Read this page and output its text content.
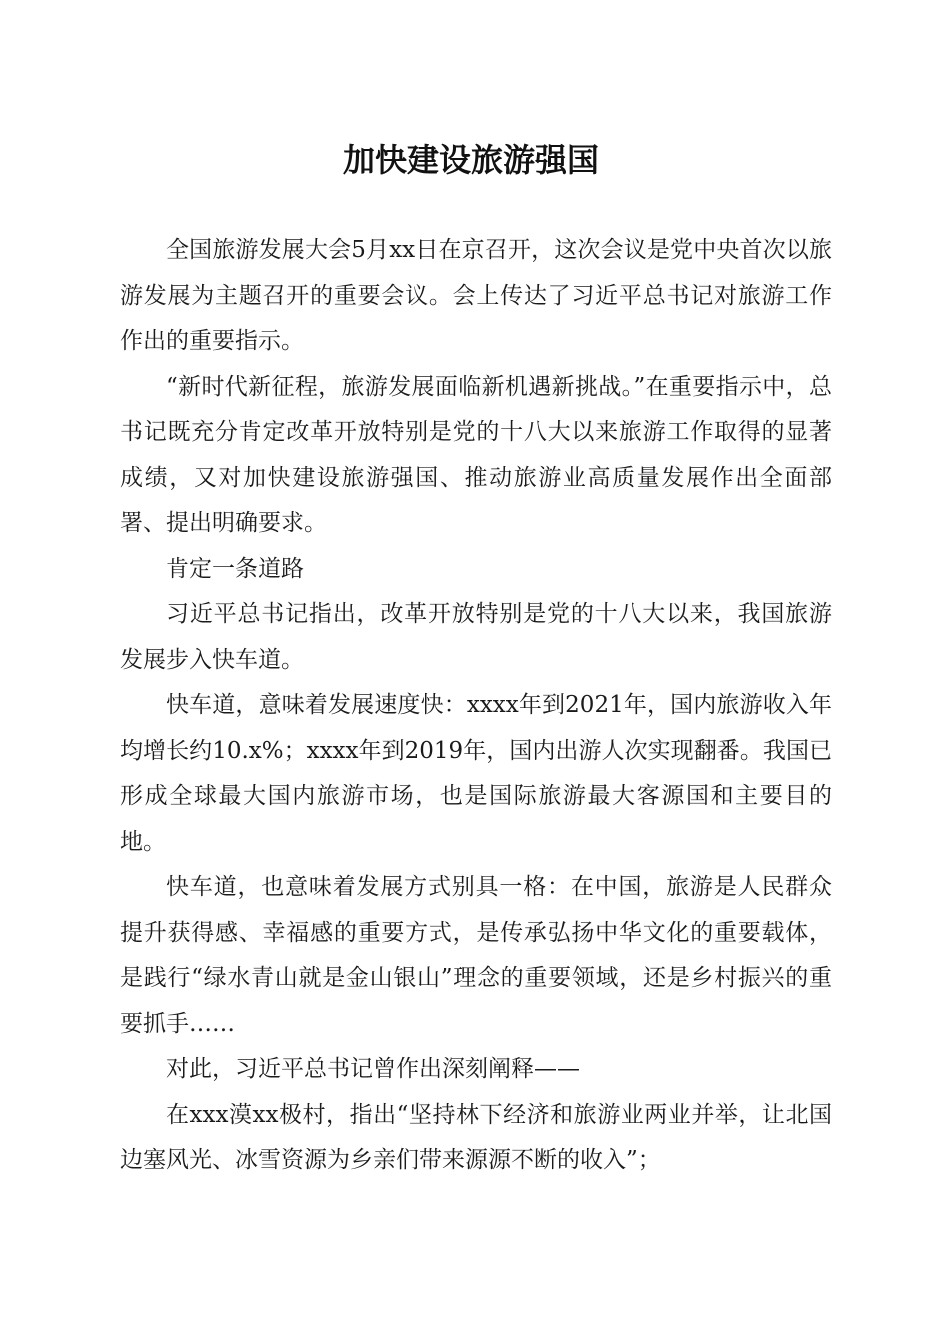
加快建设旅游强国

全国旅游发展大会5月xx日在京召开，这次会议是党中央首次以旅游发展为主题召开的重要会议。会上传达了习近平总书记对旅游工作作出的重要指示。

“新时代新征程，旅游发展面临新机遇新挑战。”在重要指示中，总书记既充分肯定改革开放特别是党的十八大以来旅游工作取得的显著成绩，又对加快建设旅游强国、推动旅游业高质量发展作出全面部署、提出明确要求。

肯定一条道路

习近平总书记指出，改革开放特别是党的十八大以来，我国旅游发展步入快车道。

快车道，意味着发展速度快：xxxx年到2021年，国内旅游收入年均增长约10.x%；xxxx年到2019年，国内出游人次实现翻番。我国已形成全球最大国内旅游市场，也是国际旅游最大客源国和主要目的地。

快车道，也意味着发展方式别具一格：在中国，旅游是人民群众提升获得感、幸福感的重要方式，是传承弘扬中华文化的重要载体，是践行“绿水青山就是金山银山”理念的重要领域，还是乡村振兴的重要抓手……

对此，习近平总书记曾作出深刻阐释——

在xxx漠xx极村，指出“坚持林下经济和旅游业两业并举，让北国边塞风光、冰雪资源为乡亲们带来源源不断的收入”；
